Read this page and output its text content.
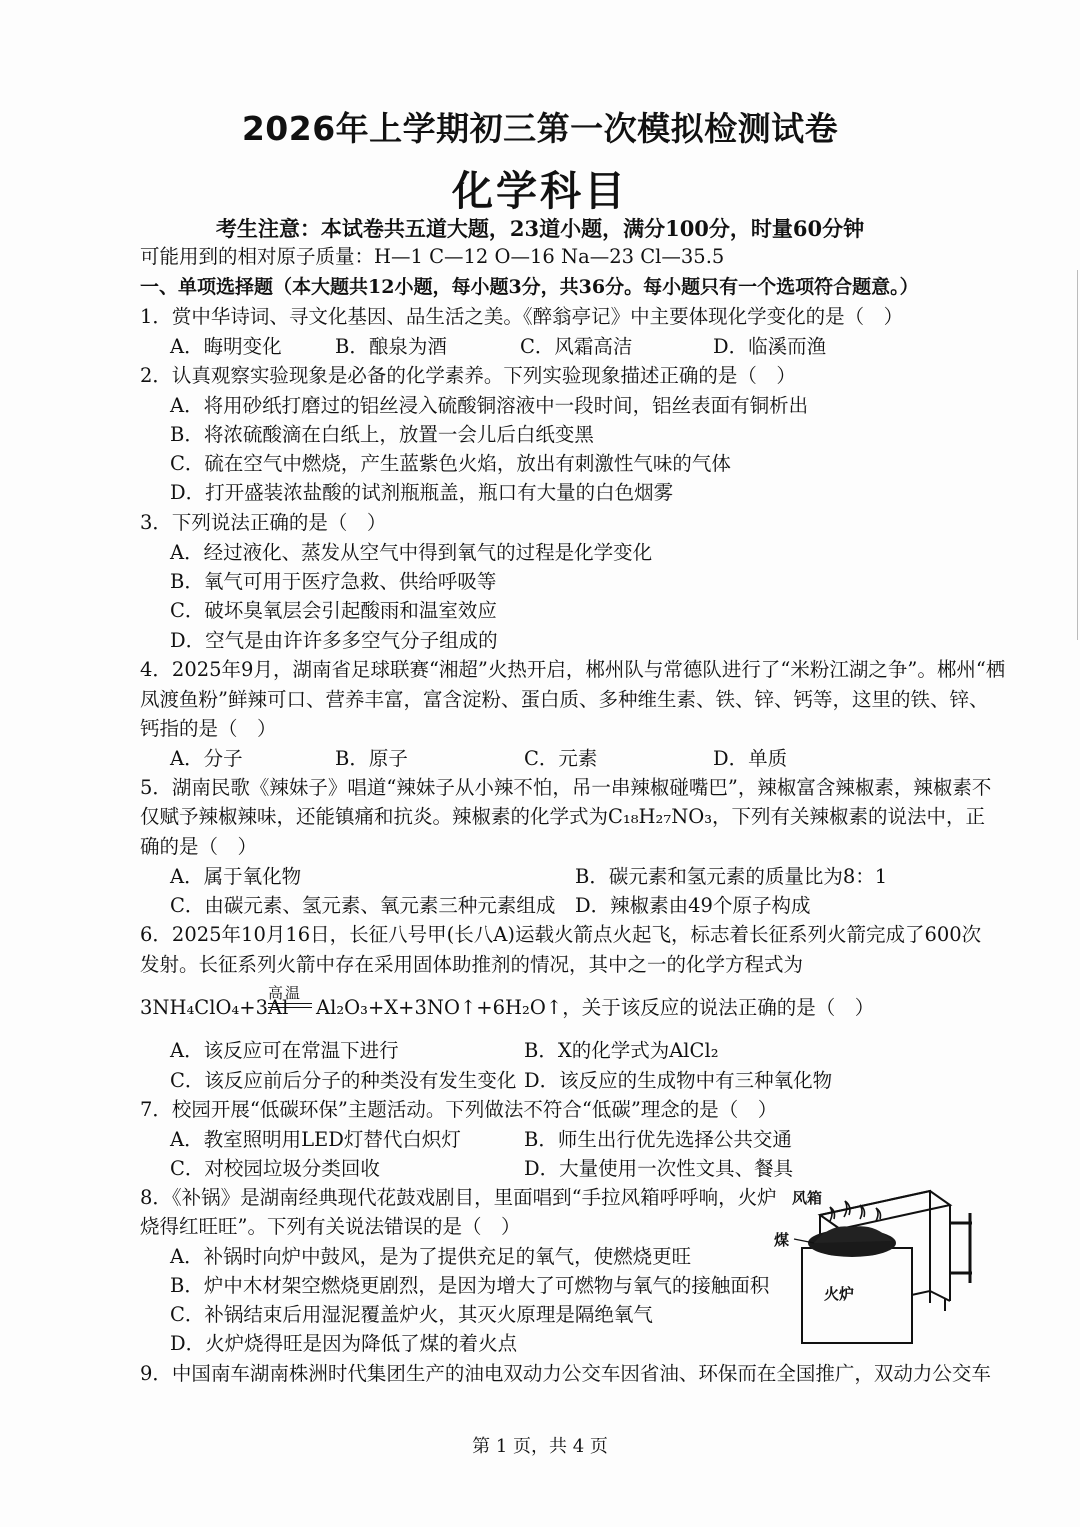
2026年上学期初三第一次模拟检测试卷
化学科目
考生注意：本试卷共五道大题，23道小题，满分100分，时量60分钟
可能用到的相对原子质量：H—1 C—12 O—16 Na—23 Cl—35.5
一、单项选择题（本大题共12小题，每小题3分，共36分。每小题只有一个选项符合题意。）
1．赏中华诗词、寻文化基因、品生活之美。《醉翁亭记》中主要体现化学变化的是（　）
A．晦明变化	B．酿泉为酒	C．风霜高洁	D．临溪而渔
2．认真观察实验现象是必备的化学素养。下列实验现象描述正确的是（　）
A．将用砂纸打磨过的铝丝浸入硫酸铜溶液中一段时间，铝丝表面有铜析出
B．将浓硫酸滴在白纸上，放置一会儿后白纸变黑
C．硫在空气中燃烧，产生蓝紫色火焰，放出有刺激性气味的气体
D．打开盛装浓盐酸的试剂瓶瓶盖，瓶口有大量的白色烟雾
3．下列说法正确的是（　）
A．经过液化、蒸发从空气中得到氧气的过程是化学变化
B．氧气可用于医疗急救、供给呼吸等
C．破坏臭氧层会引起酸雨和温室效应
D．空气是由许许多多空气分子组成的
4．2025年9月，湖南省足球联赛“湘超”火热开启，郴州队与常德队进行了“米粉江湖之争”。郴州“栖
凤渡鱼粉”鲜辣可口、营养丰富，富含淀粉、蛋白质、多种维生素、铁、锌、钙等，这里的铁、锌、
钙指的是（　）
A．分子	B．原子	C．元素	D．单质
5．湖南民歌《辣妹子》唱道“辣妹子从小辣不怕，吊一串辣椒碰嘴巴”，辣椒富含辣椒素，辣椒素不
仅赋予辣椒辣味，还能镇痛和抗炎。辣椒素的化学式为C₁₈H₂₇NO₃，下列有关辣椒素的说法中，正
确的是（　）
A．属于氧化物	B．碳元素和氢元素的质量比为8：1
C．由碳元素、氢元素、氧元素三种元素组成 D．辣椒素由49个原子构成
6．2025年10月16日，长征八号甲(长八A)运载火箭点火起飞，标志着长征系列火箭完成了600次
发射。长征系列火箭中存在采用固体助推剂的情况，其中之一的化学方程式为
3NH₄ClO₄+3Al
高温
Al₂O₃+X+3NO↑+6H₂O↑，关于该反应的说法正确的是（　）
A．该反应可在常温下进行	B．X的化学式为AlCl₂
C．该反应前后分子的种类没有发生变化 D．该反应的生成物中有三种氧化物
7．校园开展“低碳环保”主题活动。下列做法不符合“低碳”理念的是（　）
A．教室照明用LED灯替代白炽灯	B．师生出行优先选择公共交通
C．对校园垃圾分类回收	D．大量使用一次性文具、餐具
8．《补锅》是湖南经典现代花鼓戏剧目，里面唱到“手拉风箱呼呼响，火炉
烧得红旺旺”。下列有关说法错误的是（　）
A．补锅时向炉中鼓风，是为了提供充足的氧气，使燃烧更旺
B．炉中木材架空燃烧更剧烈，是因为增大了可燃物与氧气的接触面积
C．补锅结束后用湿泥覆盖炉火，其灭火原理是隔绝氧气
D．火炉烧得旺是因为降低了煤的着火点
风箱
煤
火炉
9．中国南车湖南株洲时代集团生产的油电双动力公交车因省油、环保而在全国推广，双动力公交车
第 1 页，共 4 页
